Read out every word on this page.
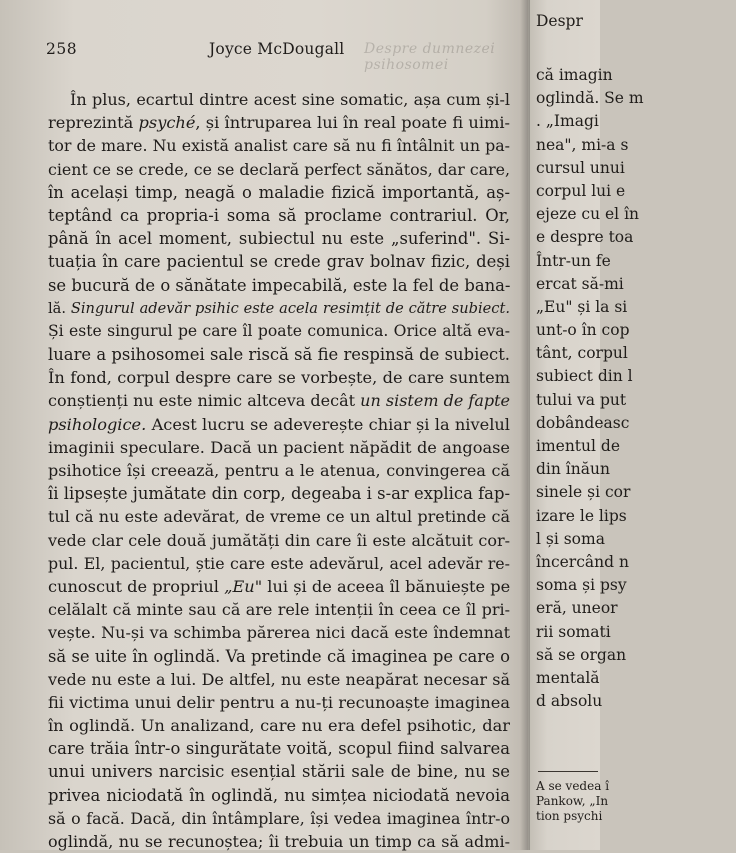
258	Despre dumnezei psihosomei
Joyce McDougall
În plus, ecartul dintre acest sine somatic, așa cum și-l
reprezintă psyché, și întruparea lui în real poate fi uimi-
tor de mare. Nu există analist care să nu fi întâlnit un pa-
cient ce se crede, ce se declară perfect sănătos, dar care,
în același timp, neagă o maladie fizică importantă, aș-
teptând ca propria-i soma să proclame contrariul. Or,
până în acel moment, subiectul nu este „suferind". Si-
tuația în care pacientul se crede grav bolnav fizic, deși
se bucură de o sănătate impecabilă, este la fel de bana-
lă. Singurul adevăr psihic este acela resimțit de către subiect.
Și este singurul pe care îl poate comunica. Orice altă eva-
luare a psihosomei sale riscă să fie respinsă de subiect.
În fond, corpul despre care se vorbește, de care suntem
conștienți nu este nimic altceva decât un sistem de fapte
psihologice. Acest lucru se adeverește chiar și la nivelul
imaginii speculare. Dacă un pacient năpădit de angoase
psihotice își creează, pentru a le atenua, convingerea că
îi lipsește jumătate din corp, degeaba i s-ar explica fap-
tul că nu este adevărat, de vreme ce un altul pretinde că
vede clar cele două jumătăți din care îi este alcătuit cor-
pul. El, pacientul, știe care este adevărul, acel adevăr re-
cunoscut de propriul „Eu" lui și de aceea îl bănuiește pe
celălalt că minte sau că are rele intenții în ceea ce îl pri-
vește. Nu-și va schimba părerea nici dacă este îndemnat
să se uite în oglindă. Va pretinde că imaginea pe care o
vede nu este a lui. De altfel, nu este neapărat necesar să
fii victima unui delir pentru a nu-ți recunoaște imaginea
în oglindă. Un analizand, care nu era defel psihotic, dar
care trăia într-o singurătate voită, scopul fiind salvarea
unui univers narcisic esențial stării sale de bine, nu se
privea niciodată în oglindă, nu simțea niciodată nevoia
să o facă. Dacă, din întâmplare, își vedea imaginea într-o
oglindă, nu se recunoștea; îi trebuia un timp ca să admi-
Despr
că imagin
oglindă. Se m
. „Imagi
nea", mi-a s
cursul unui
corpul lui e
ejeze cu el în
e despre toa
Într-un fe
ercat să-mi
„Eu" și la si
unt-o în cop
tânt, corpul
subiect din l
tului va put
dobândeasc
imentul de
din înăun
sinele și cor
izare le lips
l și soma
încercând n
soma și psy
eră, uneor
rii somati
să se organ
mentală
d absolu
A se vedea î
Pankow, „In
tion psychi
